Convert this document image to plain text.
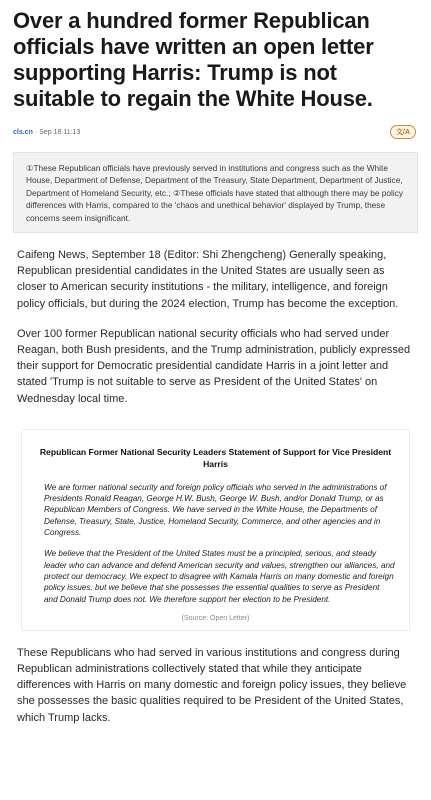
Over a hundred former Republican officials have written an open letter supporting Harris: Trump is not suitable to regain the White House.
cls.cn · Sep 18 11:13	文/A
①These Republican officials have previously served in institutions and congress such as the White House, Department of Defense, Department of the Treasury, State Department, Department of Justice, Department of Homeland Security, etc.; ②These officials have stated that although there may be policy differences with Harris, compared to the 'chaos and unethical behavior' displayed by Trump, these concerns seem insignificant.

Caifeng News, September 18 (Editor: Shi Zhengcheng) Generally speaking, Republican presidential candidates in the United States are usually seen as closer to American security institutions - the military, intelligence, and foreign policy officials, but during the 2024 election, Trump has become the exception.

Over 100 former Republican national security officials who had served under Reagan, both Bush presidents, and the Trump administration, publicly expressed their support for Democratic presidential candidate Harris in a joint letter and stated 'Trump is not suitable to serve as President of the United States' on Wednesday local time.

Republican Former National Security Leaders Statement of Support for Vice President Harris

We are former national security and foreign policy officials who served in the administrations of Presidents Ronald Reagan, George H.W. Bush, George W. Bush, and/or Donald Trump, or as Republican Members of Congress. We have served in the White House, the Departments of Defense, Treasury, State, Justice, Homeland Security, Commerce, and other agencies and in Congress.

We believe that the President of the United States must be a principled, serious, and steady leader who can advance and defend American security and values, strengthen our alliances, and protect our democracy. We expect to disagree with Kamala Harris on many domestic and foreign policy issues, but we believe that she possesses the essential qualities to serve as President and Donald Trump does not. We therefore support her election to be President.

(Source: Open Letter)

These Republicans who had served in various institutions and congress during Republican administrations collectively stated that while they anticipate differences with Harris on many domestic and foreign policy issues, they believe she possesses the basic qualities required to be President of the United States, which Trump lacks.
